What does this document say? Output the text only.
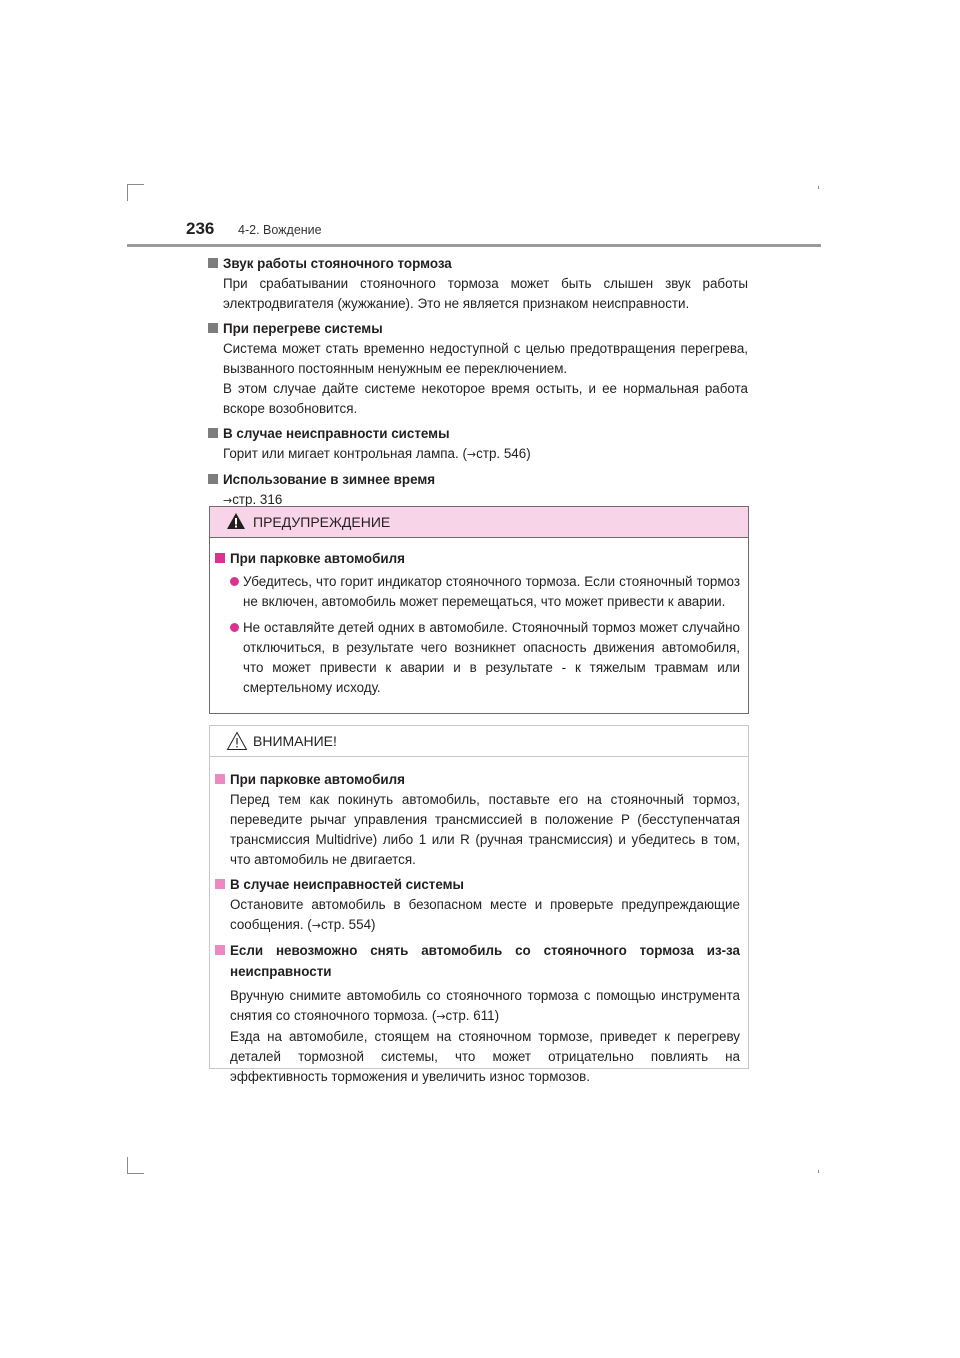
236 4-2. Вождение
Звук работы стояночного тормоза
При срабатывании стояночного тормоза может быть слышен звук работы электродвигателя (жужжание). Это не является признаком неисправности.
При перегреве системы
Система может стать временно недоступной с целью предотвращения перегрева, вызванного постоянным ненужным ее переключением.
В этом случае дайте системе некоторое время остыть, и ее нормальная работа вскоре возобновится.
В случае неисправности системы
Горит или мигает контрольная лампа. (→стр. 546)
Использование в зимнее время
→стр. 316
ПРЕДУПРЕЖДЕНИЕ
При парковке автомобиля
Убедитесь, что горит индикатор стояночного тормоза. Если стояночный тормоз не включен, автомобиль может перемещаться, что может привести к аварии.
Не оставляйте детей одних в автомобиле. Стояночный тормоз может случайно отключиться, в результате чего возникнет опасность движения автомобиля, что может привести к аварии и в результате - к тяжелым травмам или смертельному исходу.
ВНИМАНИЕ!
При парковке автомобиля
Перед тем как покинуть автомобиль, поставьте его на стояночный тормоз, переведите рычаг управления трансмиссией в положение P (бесступенчатая трансмиссия Multidrive) либо 1 или R (ручная трансмиссия) и убедитесь в том, что автомобиль не двигается.
В случае неисправностей системы
Остановите автомобиль в безопасном месте и проверьте предупреждающие сообщения. (→стр. 554)
Если невозможно снять автомобиль со стояночного тормоза из-за неисправности
Вручную снимите автомобиль со стояночного тормоза с помощью инструмента снятия со стояночного тормоза. (→стр. 611)
Езда на автомобиле, стоящем на стояночном тормозе, приведет к перегреву деталей тормозной системы, что может отрицательно повлиять на эффективность торможения и увеличить износ тормозов.
